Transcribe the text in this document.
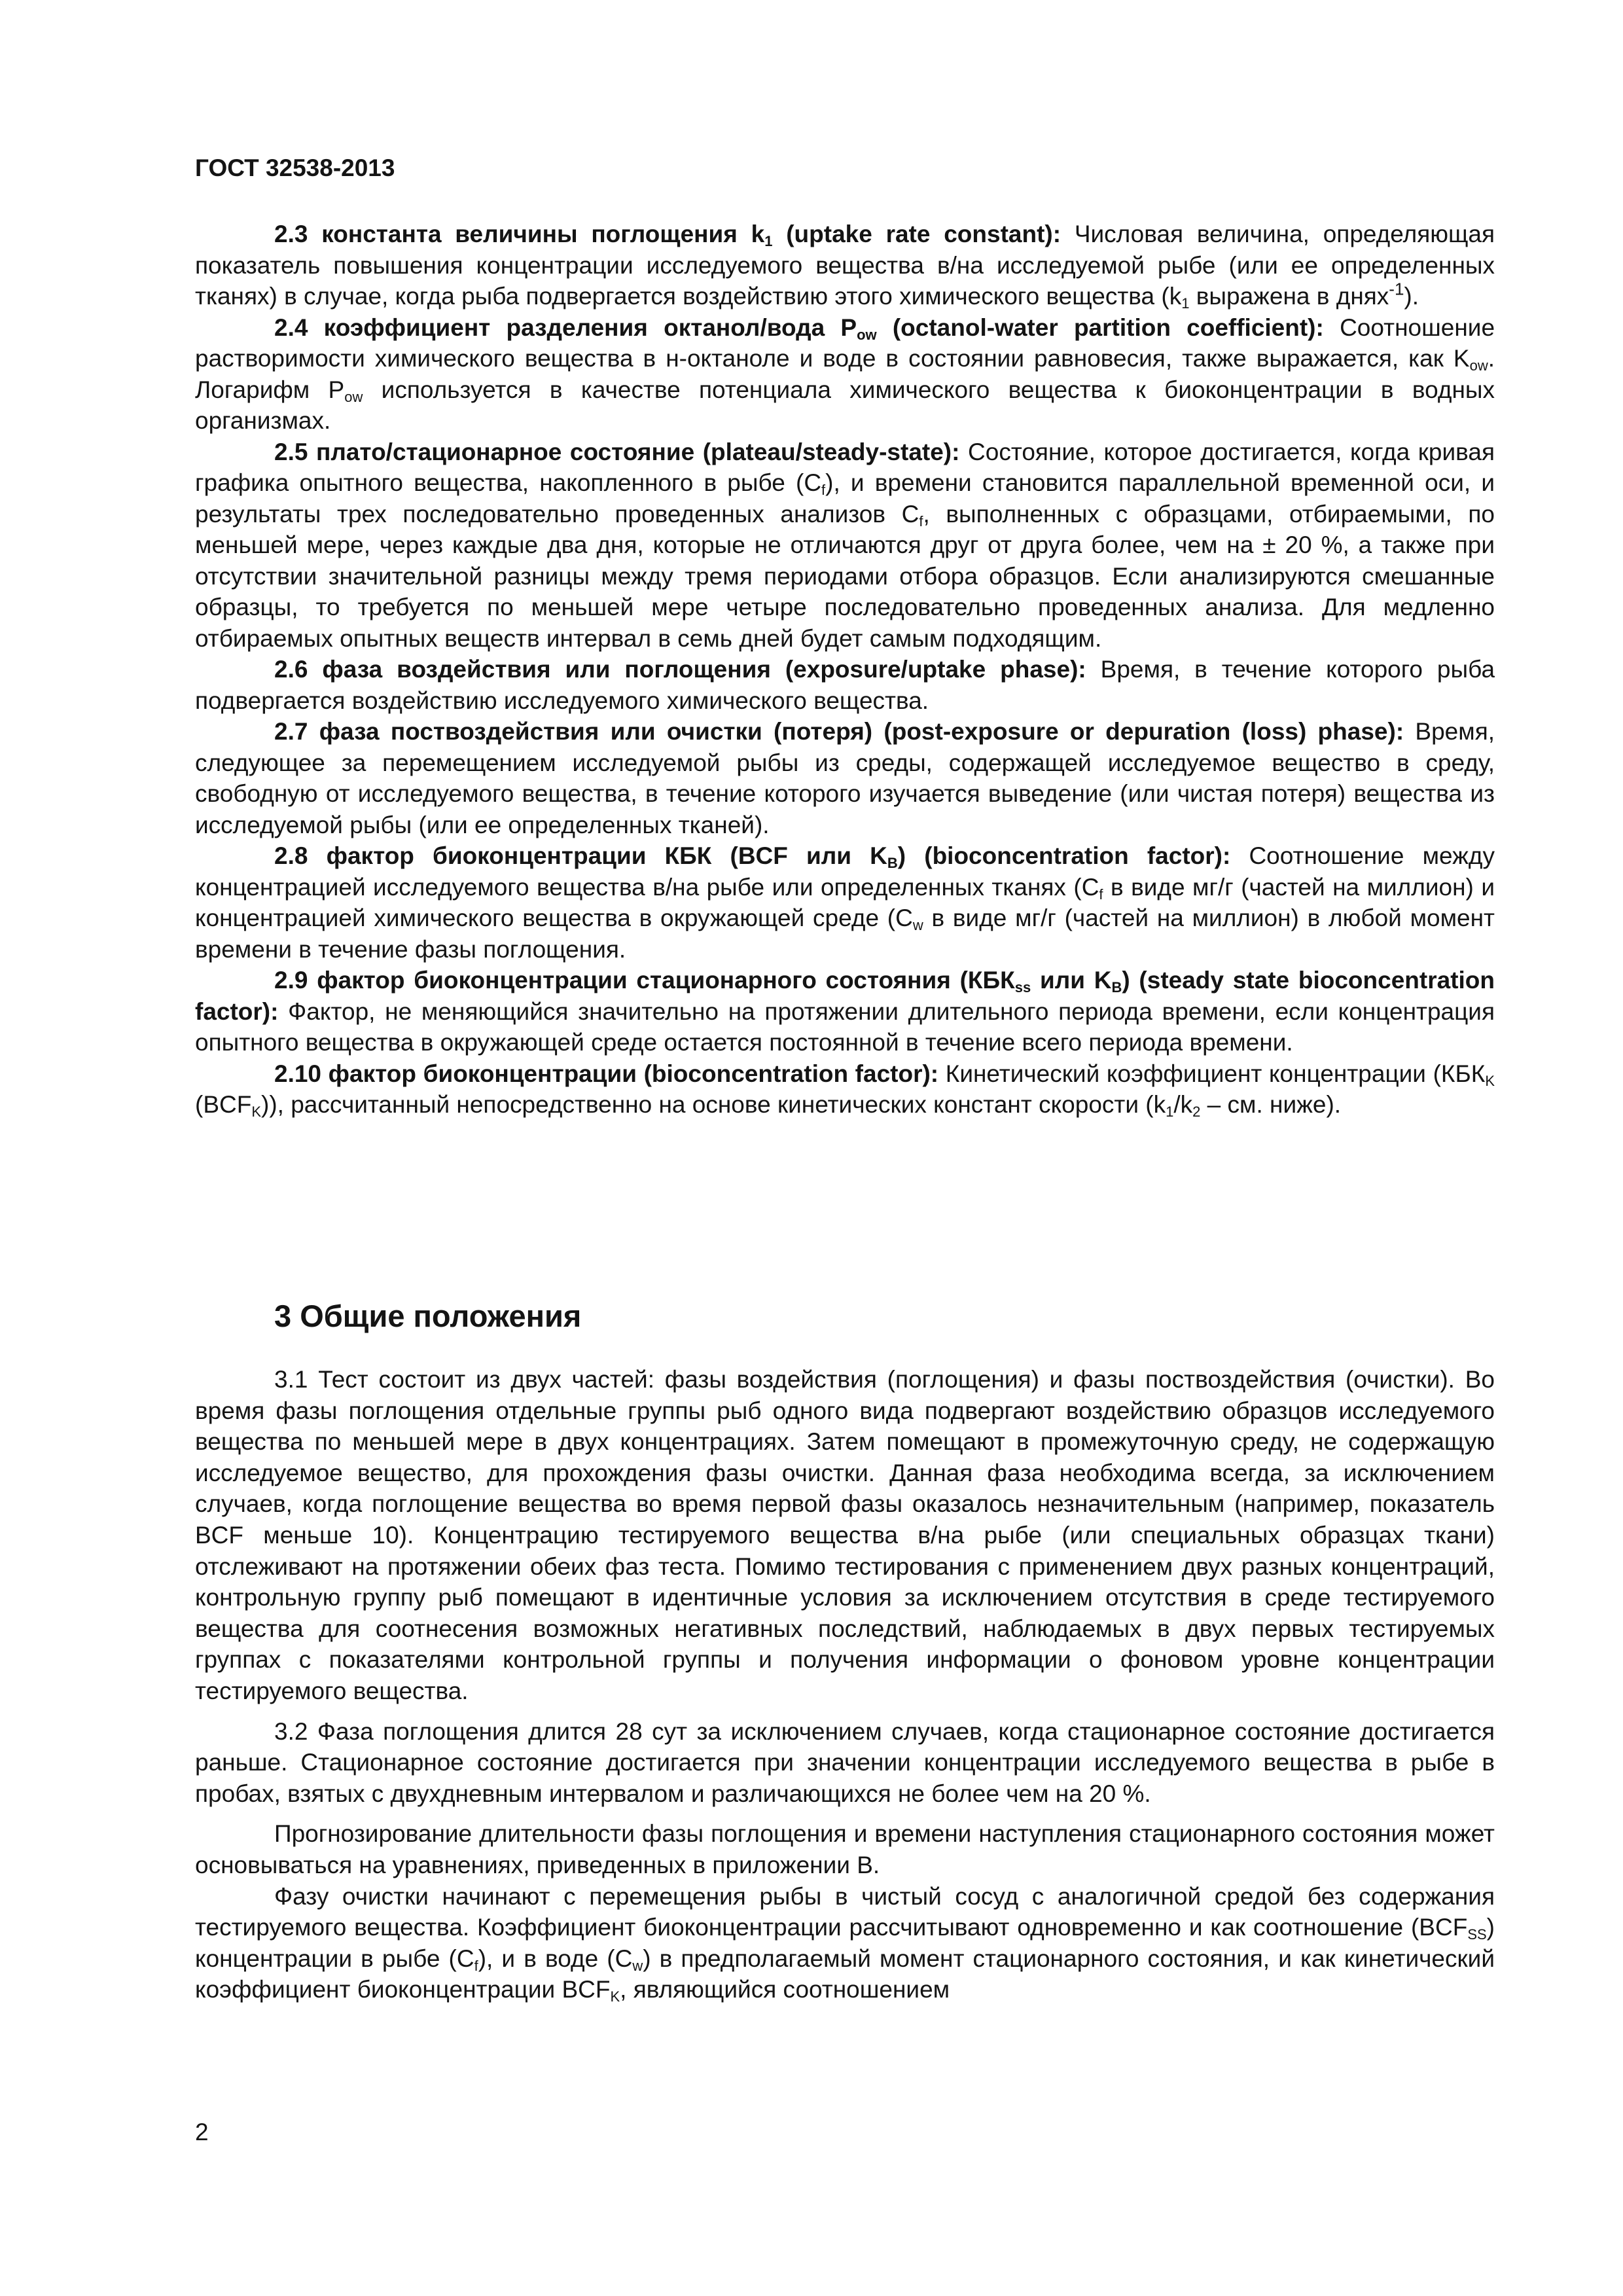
ГОСТ 32538-2013

2.3 константа величины поглощения $k_1$ (uptake rate constant): Числовая величина, определяющая показатель повышения концентрации исследуемого вещества в/на исследуемой рыбе (или ее определенных тканях) в случае, когда рыба подвергается воздействию этого химического вещества ($k_1$ выражена в днях$^{-1}$).

2.4 коэффициент разделения октанол/вода $P_{ow}$ (octanol-water partition coefficient): Соотношение растворимости химического вещества в н-октаноле и воде в состоянии равновесия, также выражается, как $K_{ow}$. Логарифм $P_{ow}$ используется в качестве потенциала химического вещества к биоконцентрации в водных организмах.

2.5 плато/стационарное состояние (plateau/steady-state): Состояние, которое достигается, когда кривая графика опытного вещества, накопленного в рыбе $(C_f)$, и времени становится параллельной временной оси, и результаты трех последовательно проведенных анализов $C_f$, выполненных с образцами, отбираемыми, по меньшей мере, через каждые два дня, которые не отличаются друг от друга более, чем на ± 20 %, а также при отсутствии значительной разницы между тремя периодами отбора образцов. Если анализируются смешанные образцы, то требуется по меньшей мере четыре последовательно проведенных анализа. Для медленно отбираемых опытных веществ интервал в семь дней будет самым подходящим.

2.6 фаза воздействия или поглощения (exposure/uptake phase): Время, в течение которого рыба подвергается воздействию исследуемого химического вещества.

2.7 фаза поствоздействия или очистки (потеря) (post-exposure or depuration (loss) phase): Время, следующее за перемещением исследуемой рыбы из среды, содержащей исследуемое вещество в среду, свободную от исследуемого вещества, в течение которого изучается выведение (или чистая потеря) вещества из исследуемой рыбы (или ее определенных тканей).

2.8 фактор биоконцентрации КБК (BCF или $K_B$) (bioconcentration factor): Соотношение между концентрацией исследуемого вещества в/на рыбе или определенных тканях ($C_f$ в виде мг/г (частей на миллион) и концентрацией химического вещества в окружающей среде ($C_w$ в виде мг/г (частей на миллион) в любой момент времени в течение фазы поглощения.

2.9 фактор биоконцентрации стационарного состояния ($КБК_{ss}$ или $K_B$) (steady state bioconcentration factor): Фактор, не меняющийся значительно на протяжении длительного периода времени, если концентрация опытного вещества в окружающей среде остается постоянной в течение всего периода времени.

2.10 фактор биоконцентрации (bioconcentration factor): Кинетический коэффициент концентрации ($КБК_K$ $(BCF_K)$), рассчитанный непосредственно на основе кинетических констант скорости ($k_1/k_2$ – см. ниже).

3 Общие положения

3.1 Тест состоит из двух частей: фазы воздействия (поглощения) и фазы поствоздействия (очистки). Во время фазы поглощения отдельные группы рыб одного вида подвергают воздействию образцов исследуемого вещества по меньшей мере в двух концентрациях. Затем помещают в промежуточную среду, не содержащую исследуемое вещество, для прохождения фазы очистки. Данная фаза необходима всегда, за исключением случаев, когда поглощение вещества во время первой фазы оказалось незначительным (например, показатель BCF меньше 10). Концентрацию тестируемого вещества в/на рыбе (или специальных образцах ткани) отслеживают на протяжении обеих фаз теста. Помимо тестирования с применением двух разных концентраций, контрольную группу рыб помещают в идентичные условия за исключением отсутствия в среде тестируемого вещества для соотнесения возможных негативных последствий, наблюдаемых в двух первых тестируемых группах с показателями контрольной группы и получения информации о фоновом уровне концентрации тестируемого вещества.

3.2 Фаза поглощения длится 28 сут за исключением случаев, когда стационарное состояние достигается раньше. Стационарное состояние достигается при значении концентрации исследуемого вещества в рыбе в пробах, взятых с двухдневным интервалом и различающихся не более чем на 20 %.

Прогнозирование длительности фазы поглощения и времени наступления стационарного состояния может основываться на уравнениях, приведенных в приложении B.

Фазу очистки начинают с перемещения рыбы в чистый сосуд с аналогичной средой без содержания тестируемого вещества. Коэффициент биоконцентрации рассчитывают одновременно и как соотношение $(BCF_{SS})$ концентрации в рыбе $(C_f)$, и в воде $(C_w)$ в предполагаемый момент стационарного состояния, и как кинетический коэффициент биоконцентрации $BCF_K$, являющийся соотношением

2
